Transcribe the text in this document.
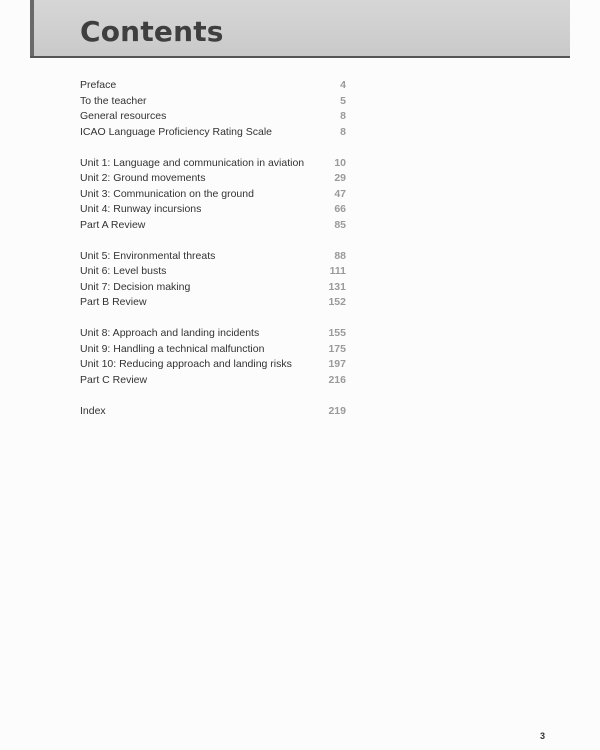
Contents
Preface	4
To the teacher	5
General resources	8
ICAO Language Proficiency Rating Scale	8
Unit 1: Language and communication in aviation	10
Unit 2: Ground movements	29
Unit 3: Communication on the ground	47
Unit 4: Runway incursions	66
Part A Review	85
Unit 5: Environmental threats	88
Unit 6: Level busts	111
Unit 7: Decision making	131
Part B Review	152
Unit 8: Approach and landing incidents	155
Unit 9: Handling a technical malfunction	175
Unit 10: Reducing approach and landing risks	197
Part C Review	216
Index	219
3
